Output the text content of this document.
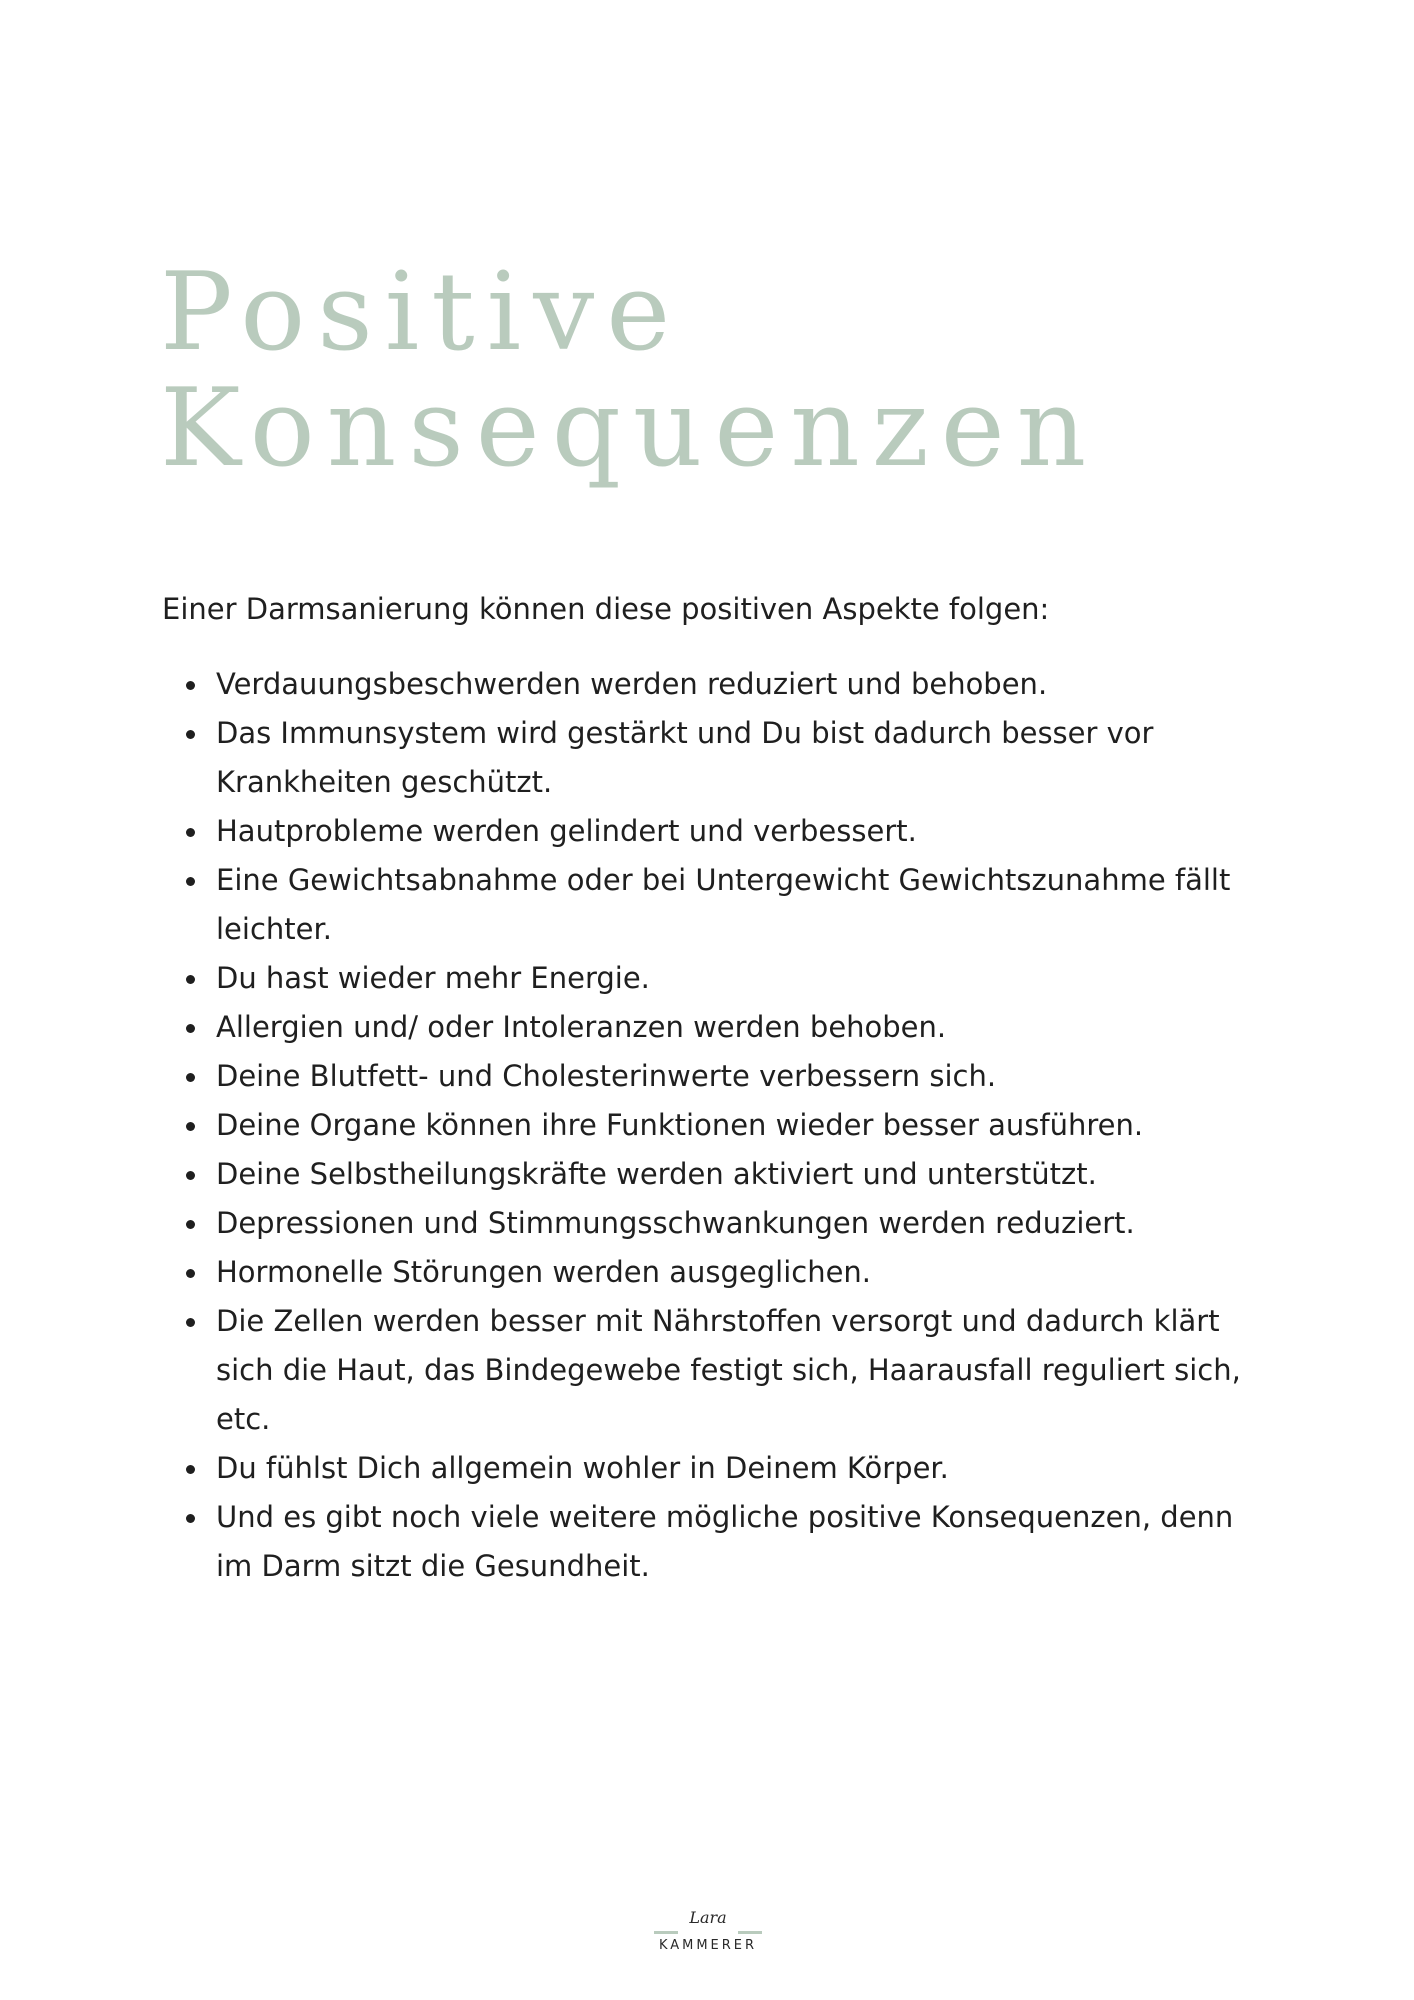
Positive
Konsequenzen

Einer Darmsanierung können diese positiven Aspekte folgen:

Verdauungsbeschwerden werden reduziert und behoben.
Das Immunsystem wird gestärkt und Du bist dadurch besser vor Krankheiten geschützt.
Hautprobleme werden gelindert und verbessert.
Eine Gewichtsabnahme oder bei Untergewicht Gewichtszunahme fällt leichter.
Du hast wieder mehr Energie.
Allergien und/ oder Intoleranzen werden behoben.
Deine Blutfett- und Cholesterinwerte verbessern sich.
Deine Organe können ihre Funktionen wieder besser ausführen.
Deine Selbstheilungskräfte werden aktiviert und unterstützt.
Depressionen und Stimmungsschwankungen werden reduziert.
Hormonelle Störungen werden ausgeglichen.
Die Zellen werden besser mit Nährstoffen versorgt und dadurch klärt sich die Haut, das Bindegewebe festigt sich, Haarausfall reguliert sich, etc.
Du fühlst Dich allgemein wohler in Deinem Körper.
Und es gibt noch viele weitere mögliche positive Konsequenzen, denn im Darm sitzt die Gesundheit.
Lara
KAMMERER
